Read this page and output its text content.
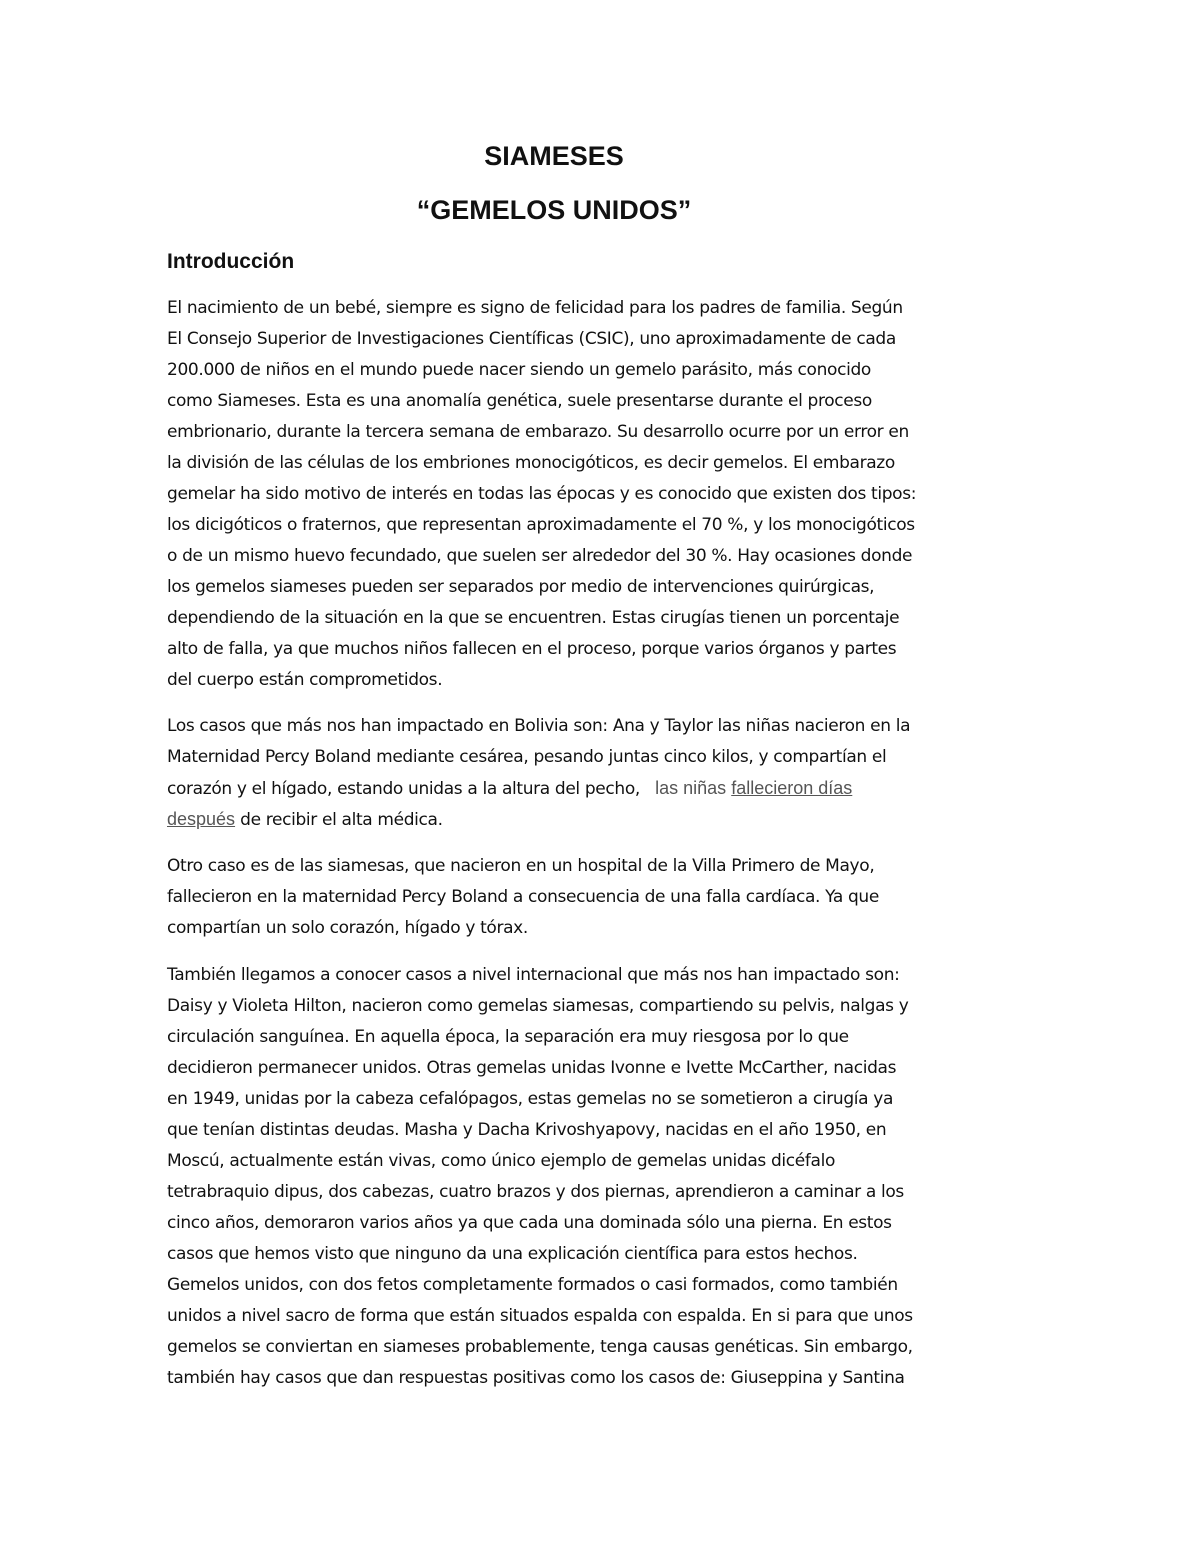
SIAMESES
“GEMELOS UNIDOS”
Introducción
El nacimiento de un bebé, siempre es signo de felicidad para los padres de familia. Según
El Consejo Superior de Investigaciones Científicas (CSIC), uno aproximadamente de cada
200.000 de niños en el mundo puede nacer siendo un gemelo parásito, más conocido
como Siameses. Esta es una anomalía genética, suele presentarse durante el proceso
embrionario, durante la tercera semana de embarazo. Su desarrollo ocurre por un error en
la división de las células de los embriones monocigóticos, es decir gemelos. El embarazo
gemelar ha sido motivo de interés en todas las épocas y es conocido que existen dos tipos:
los dicigóticos o fraternos, que representan aproximadamente el 70 %, y los monocigóticos
o de un mismo huevo fecundado, que suelen ser alrededor del 30 %. Hay ocasiones donde
los gemelos siameses pueden ser separados por medio de intervenciones quirúrgicas,
dependiendo de la situación en la que se encuentren. Estas cirugías tienen un porcentaje
alto de falla, ya que muchos niños fallecen en el proceso, porque varios órganos y partes
del cuerpo están comprometidos.
Los casos que más nos han impactado en Bolivia son: Ana y Taylor las niñas nacieron en la
Maternidad Percy Boland mediante cesárea, pesando juntas cinco kilos, y compartían el
corazón y el hígado, estando unidas a la altura del pecho, las niñas fallecieron días
después de recibir el alta médica.
Otro caso es de las siamesas, que nacieron en un hospital de la Villa Primero de Mayo,
fallecieron en la maternidad Percy Boland a consecuencia de una falla cardíaca. Ya que
compartían un solo corazón, hígado y tórax.
También llegamos a conocer casos a nivel internacional que más nos han impactado son:
Daisy y Violeta Hilton, nacieron como gemelas siamesas, compartiendo su pelvis, nalgas y
circulación sanguínea. En aquella época, la separación era muy riesgosa por lo que
decidieron permanecer unidos. Otras gemelas unidas Ivonne e Ivette McCarther, nacidas
en 1949, unidas por la cabeza cefalópagos, estas gemelas no se sometieron a cirugía ya
que tenían distintas deudas. Masha y Dacha Krivoshyapovy, nacidas en el año 1950, en
Moscú, actualmente están vivas, como único ejemplo de gemelas unidas dicéfalo
tetrabraquio dipus, dos cabezas, cuatro brazos y dos piernas, aprendieron a caminar a los
cinco años, demoraron varios años ya que cada una dominada sólo una pierna. En estos
casos que hemos visto que ninguno da una explicación científica para estos hechos.
Gemelos unidos, con dos fetos completamente formados o casi formados, como también
unidos a nivel sacro de forma que están situados espalda con espalda. En si para que unos
gemelos se conviertan en siameses probablemente, tenga causas genéticas. Sin embargo,
también hay casos que dan respuestas positivas como los casos de: Giuseppina y Santina
